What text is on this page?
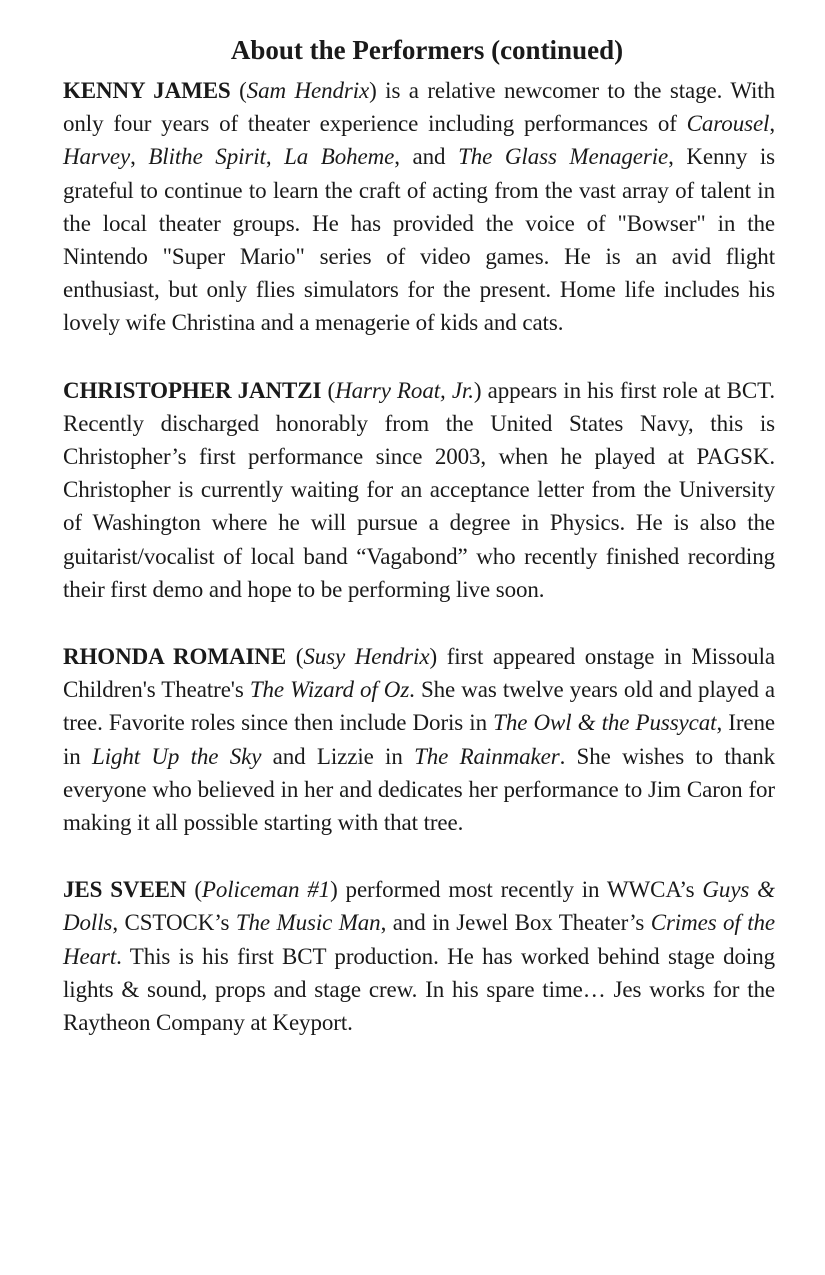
About the Performers (continued)

KENNY JAMES (Sam Hendrix) is a relative newcomer to the stage. With only four years of theater experience including performances of Carousel, Harvey, Blithe Spirit, La Boheme, and The Glass Menagerie, Kenny is grateful to continue to learn the craft of acting from the vast array of talent in the local theater groups. He has provided the voice of "Bowser" in the Nintendo "Super Mario" series of video games. He is an avid flight enthusiast, but only flies simulators for the present. Home life includes his lovely wife Christina and a menagerie of kids and cats.

CHRISTOPHER JANTZI (Harry Roat, Jr.) appears in his first role at BCT. Recently discharged honorably from the United States Navy, this is Christopher’s first performance since 2003, when he played at PAGSK. Christopher is currently waiting for an acceptance letter from the University of Washington where he will pursue a degree in Physics. He is also the guitarist/vocalist of local band “Vagabond” who recently finished recording their first demo and hope to be performing live soon.

RHONDA ROMAINE (Susy Hendrix) first appeared onstage in Missoula Children's Theatre's The Wizard of Oz. She was twelve years old and played a tree. Favorite roles since then include Doris in The Owl & the Pussycat, Irene in Light Up the Sky and Lizzie in The Rainmaker. She wishes to thank everyone who believed in her and dedicates her performance to Jim Caron for making it all possible starting with that tree.

JES SVEEN (Policeman #1) performed most recently in WWCA’s Guys & Dolls, CSTOCK’s The Music Man, and in Jewel Box Theater’s Crimes of the Heart. This is his first BCT production. He has worked behind stage doing lights & sound, props and stage crew. In his spare time… Jes works for the Raytheon Company at Keyport.
